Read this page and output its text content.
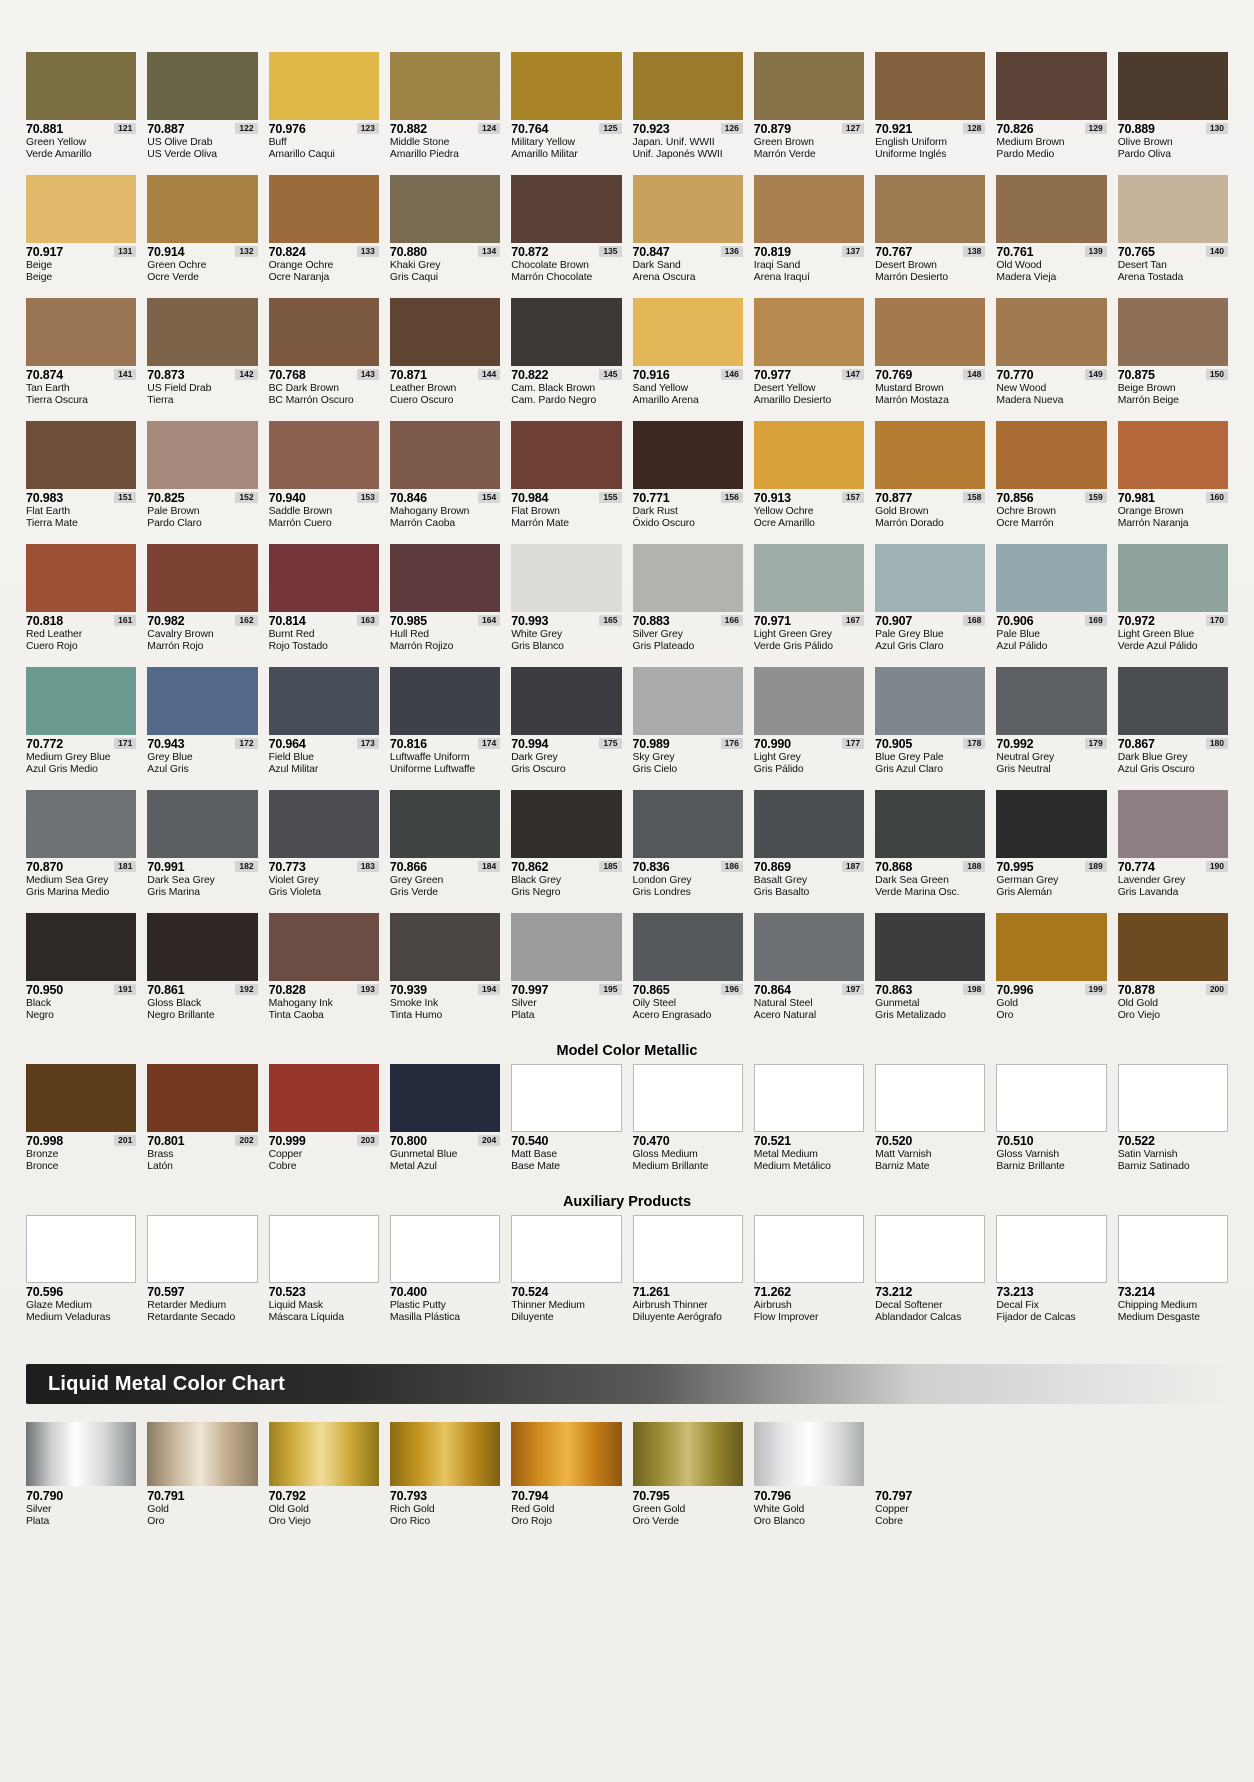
70.881	121
Green Yellow
Verde Amarillo
70.887	122
US Olive Drab
US Verde Oliva
70.976	123
Buff
Amarillo Caqui
70.882	124
Middle Stone
Amarillo Piedra
70.764	125
Military Yellow
Amarillo Militar
70.923	126
Japan. Unif. WWII
Unif. Japonés WWII
70.879	127
Green Brown
Marrón Verde
70.921	128
English Uniform
Uniforme Inglés
70.826	129
Medium Brown
Pardo Medio
70.889	130
Olive Brown
Pardo Oliva
70.917	131
Beige
Beige
70.914	132
Green Ochre
Ocre Verde
70.824	133
Orange Ochre
Ocre Naranja
70.880	134
Khaki Grey
Gris Caqui
70.872	135
Chocolate Brown
Marrón Chocolate
70.847	136
Dark Sand
Arena Oscura
70.819	137
Iraqi Sand
Arena Iraquí
70.767	138
Desert Brown
Marrón Desierto
70.761	139
Old Wood
Madera Vieja
70.765	140
Desert Tan
Arena Tostada
70.874	141
Tan Earth
Tierra Oscura
70.873	142
US Field Drab
Tierra
70.768	143
BC Dark Brown
BC Marrón Oscuro
70.871	144
Leather Brown
Cuero Oscuro
70.822	145
Cam. Black Brown
Cam. Pardo Negro
70.916	146
Sand Yellow
Amarillo Arena
70.977	147
Desert Yellow
Amarillo Desierto
70.769	148
Mustard Brown
Marrón Mostaza
70.770	149
New Wood
Madera Nueva
70.875	150
Beige Brown
Marrón Beige
70.983	151
Flat Earth
Tierra Mate
70.825	152
Pale Brown
Pardo Claro
70.940	153
Saddle Brown
Marrón Cuero
70.846	154
Mahogany Brown
Marrón Caoba
70.984	155
Flat Brown
Marrón Mate
70.771	156
Dark Rust
Óxido Oscuro
70.913	157
Yellow Ochre
Ocre Amarillo
70.877	158
Gold Brown
Marrón Dorado
70.856	159
Ochre Brown
Ocre Marrón
70.981	160
Orange Brown
Marrón Naranja
70.818	161
Red Leather
Cuero Rojo
70.982	162
Cavalry Brown
Marrón Rojo
70.814	163
Burnt Red
Rojo Tostado
70.985	164
Hull Red
Marrón Rojizo
70.993	165
White Grey
Gris Blanco
70.883	166
Silver Grey
Gris Plateado
70.971	167
Light Green Grey
Verde Gris Pálido
70.907	168
Pale Grey Blue
Azul Gris Claro
70.906	169
Pale Blue
Azul Pálido
70.972	170
Light Green Blue
Verde Azul Pálido
70.772	171
Medium Grey Blue
Azul Gris Medio
70.943	172
Grey Blue
Azul Gris
70.964	173
Field Blue
Azul Militar
70.816	174
Luftwaffe Uniform
Uniforme Luftwaffe
70.994	175
Dark Grey
Gris Oscuro
70.989	176
Sky Grey
Gris Cielo
70.990	177
Light Grey
Gris Pálido
70.905	178
Blue Grey Pale
Gris Azul Claro
70.992	179
Neutral Grey
Gris Neutral
70.867	180
Dark Blue Grey
Azul Gris Oscuro
70.870	181
Medium Sea Grey
Gris Marina Medio
70.991	182
Dark Sea Grey
Gris Marina
70.773	183
Violet Grey
Gris Violeta
70.866	184
Grey Green
Gris Verde
70.862	185
Black Grey
Gris Negro
70.836	186
London Grey
Gris Londres
70.869	187
Basalt Grey
Gris Basalto
70.868	188
Dark Sea Green
Verde Marina Osc.
70.995	189
German Grey
Gris Alemán
70.774	190
Lavender Grey
Gris Lavanda
70.950	191
Black
Negro
70.861	192
Gloss Black
Negro Brillante
70.828	193
Mahogany Ink
Tinta Caoba
70.939	194
Smoke Ink
Tinta Humo
70.997	195
Silver
Plata
70.865	196
Oily Steel
Acero Engrasado
70.864	197
Natural Steel
Acero Natural
70.863	198
Gunmetal
Gris Metalizado
70.996	199
Gold
Oro
70.878	200
Old Gold
Oro Viejo
Model Color Metallic
70.998	201
Bronze
Bronce
70.801	202
Brass
Latón
70.999	203
Copper
Cobre
70.800	204
Gunmetal Blue
Metal Azul
70.540
Matt Base
Base Mate
70.470
Gloss Medium
Medium Brillante
70.521
Metal Medium
Medium Metálico
70.520
Matt Varnish
Barniz Mate
70.510
Gloss Varnish
Barniz Brillante
70.522
Satin Varnish
Barniz Satinado
Auxiliary Products
70.596
Glaze Medium
Medium Veladuras
70.597
Retarder Medium
Retardante Secado
70.523
Liquid Mask
Máscara Líquida
70.400
Plastic Putty
Masilla Plástica
70.524
Thinner Medium
Diluyente
71.261
Airbrush Thinner
Diluyente Aerógrafo
71.262
Airbrush
Flow Improver
73.212
Decal Softener
Ablandador Calcas
73.213
Decal Fix
Fijador de Calcas
73.214
Chipping Medium
Medium Desgaste
Liquid Metal Color Chart
70.790
Silver
Plata
70.791
Gold
Oro
70.792
Old Gold
Oro Viejo
70.793
Rich Gold
Oro Rico
70.794
Red Gold
Oro Rojo
70.795
Green Gold
Oro Verde
70.796
White Gold
Oro Blanco
70.797
Copper
Cobre
